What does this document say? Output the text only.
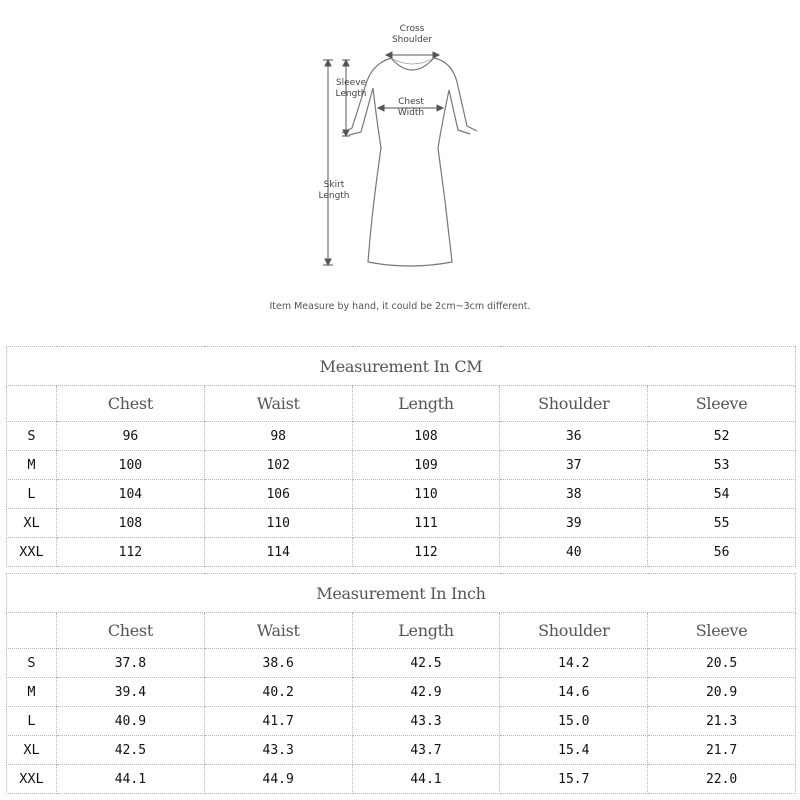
Cross
Shoulder
Sleeve
Length
Chest
Width
Skirt
Length
Item Measure by hand, it could be 2cm~3cm different.
Measurement In CM					
	Chest	Waist	Length	Shoulder	Sleeve
S	96	98	108	36	52
M	100	102	109	37	53
L	104	106	110	38	54
XL	108	110	111	39	55
XXL	112	114	112	40	56
Measurement In Inch					
	Chest	Waist	Length	Shoulder	Sleeve
S	37.8	38.6	42.5	14.2	20.5
M	39.4	40.2	42.9	14.6	20.9
L	40.9	41.7	43.3	15.0	21.3
XL	42.5	43.3	43.7	15.4	21.7
XXL	44.1	44.9	44.1	15.7	22.0
